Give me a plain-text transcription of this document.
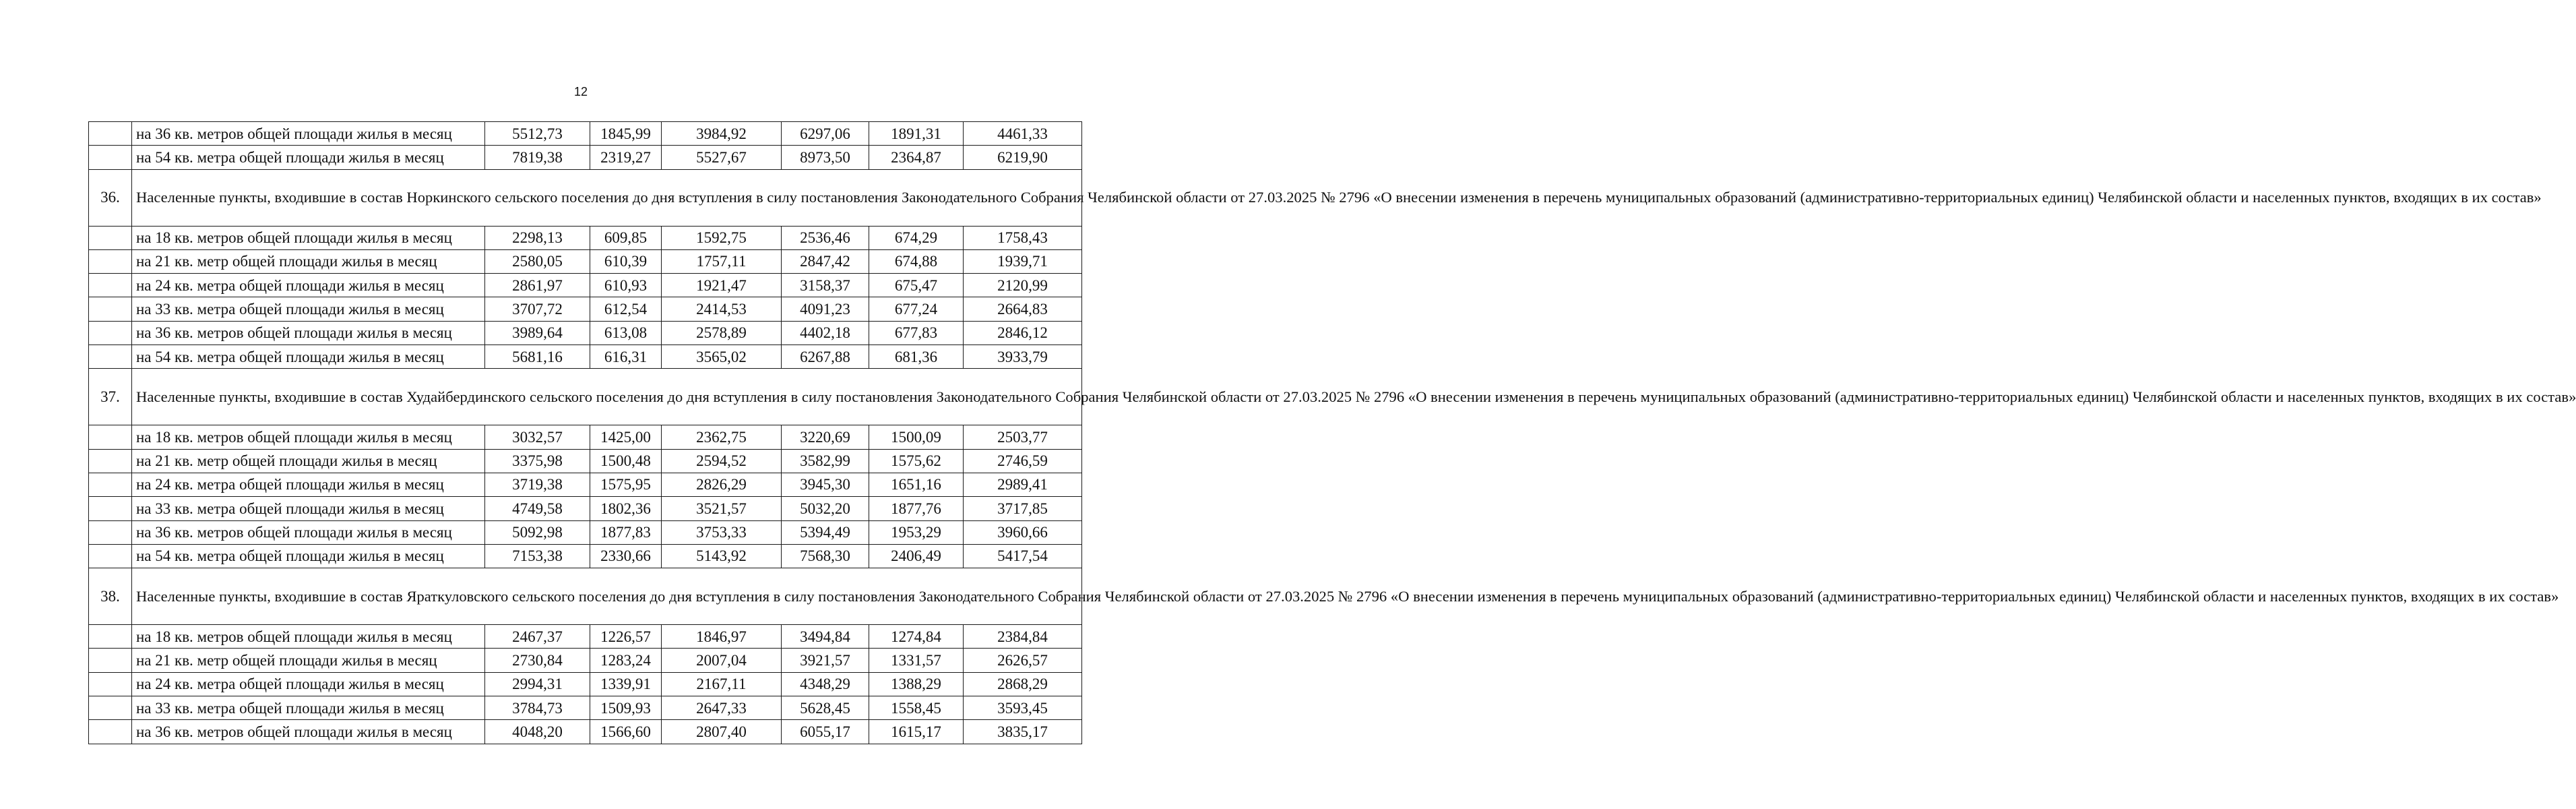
12
	на 36 кв. метров общей площади жилья в месяц	5512,73	1845,99	3984,92	6297,06	1891,31	4461,33
	на 54 кв. метра общей площади жилья в месяц	7819,38	2319,27	5527,67	8973,50	2364,87	6219,90
36.	Населенные пункты, входившие в состав Норкинского сельского поселения до дня вступления в силу постановления Законодательного Собрания Челябинской области от 27.03.2025 № 2796 «О внесении изменения в перечень муниципальных образований (административно-территориальных единиц) Челябинской области и населенных пунктов, входящих в их состав»						
	на 18 кв. метров общей площади жилья в месяц	2298,13	609,85	1592,75	2536,46	674,29	1758,43
	на 21 кв. метр общей площади жилья в месяц	2580,05	610,39	1757,11	2847,42	674,88	1939,71
	на 24 кв. метра общей площади жилья в месяц	2861,97	610,93	1921,47	3158,37	675,47	2120,99
	на 33 кв. метра общей площади жилья в месяц	3707,72	612,54	2414,53	4091,23	677,24	2664,83
	на 36 кв. метров общей площади жилья в месяц	3989,64	613,08	2578,89	4402,18	677,83	2846,12
	на 54 кв. метра общей площади жилья в месяц	5681,16	616,31	3565,02	6267,88	681,36	3933,79
37.	Населенные пункты, входившие в состав Худайбердинского сельского поселения до дня вступления в силу постановления Законодательного Собрания Челябинской области от 27.03.2025 № 2796 «О внесении изменения в перечень муниципальных образований (административно-территориальных единиц) Челябинской области и населенных пунктов, входящих в их состав»						
	на 18 кв. метров общей площади жилья в месяц	3032,57	1425,00	2362,75	3220,69	1500,09	2503,77
	на 21 кв. метр общей площади жилья в месяц	3375,98	1500,48	2594,52	3582,99	1575,62	2746,59
	на 24 кв. метра общей площади жилья в месяц	3719,38	1575,95	2826,29	3945,30	1651,16	2989,41
	на 33 кв. метра общей площади жилья в месяц	4749,58	1802,36	3521,57	5032,20	1877,76	3717,85
	на 36 кв. метров общей площади жилья в месяц	5092,98	1877,83	3753,33	5394,49	1953,29	3960,66
	на 54 кв. метра общей площади жилья в месяц	7153,38	2330,66	5143,92	7568,30	2406,49	5417,54
38.	Населенные пункты, входившие в состав Яраткуловского сельского поселения до дня вступления в силу постановления Законодательного Собрания Челябинской области от 27.03.2025 № 2796 «О внесении изменения в перечень муниципальных образований (административно-территориальных единиц) Челябинской области и населенных пунктов, входящих в их состав»						
	на 18 кв. метров общей площади жилья в месяц	2467,37	1226,57	1846,97	3494,84	1274,84	2384,84
	на 21 кв. метр общей площади жилья в месяц	2730,84	1283,24	2007,04	3921,57	1331,57	2626,57
	на 24 кв. метра общей площади жилья в месяц	2994,31	1339,91	2167,11	4348,29	1388,29	2868,29
	на 33 кв. метра общей площади жилья в месяц	3784,73	1509,93	2647,33	5628,45	1558,45	3593,45
	на 36 кв. метров общей площади жилья в месяц	4048,20	1566,60	2807,40	6055,17	1615,17	3835,17
